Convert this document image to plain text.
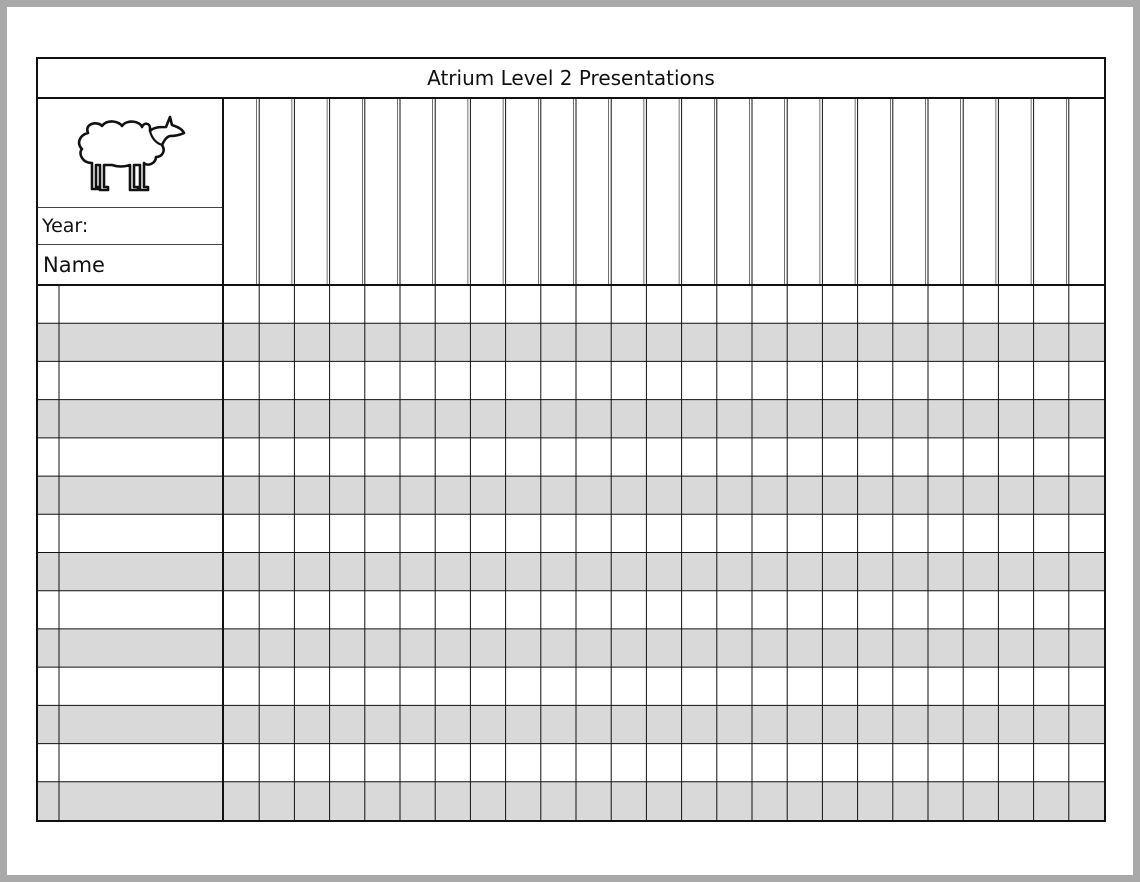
Atrium Level 2 Presentations
Year:
Name
